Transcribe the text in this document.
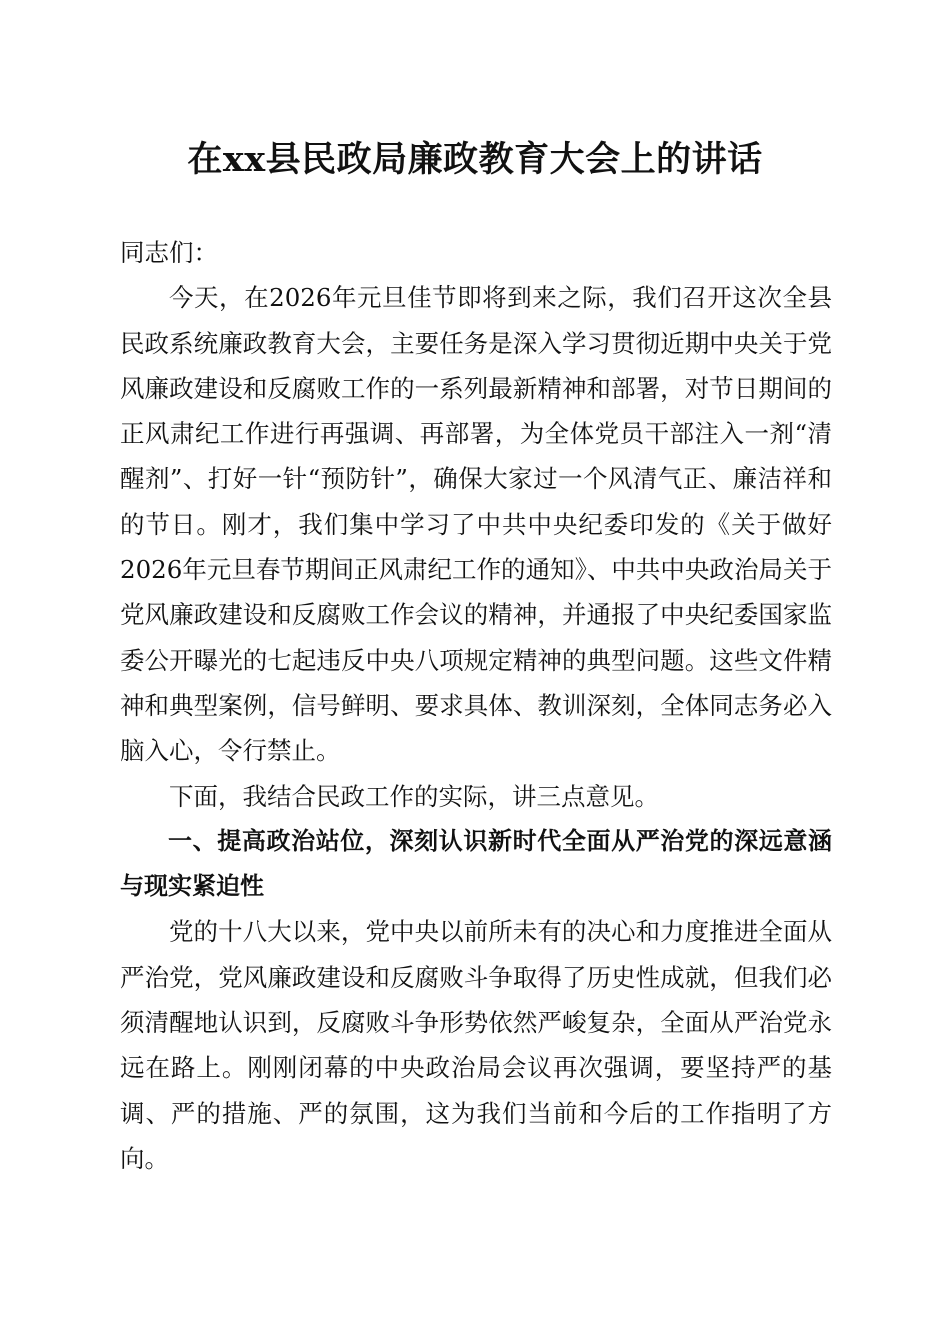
在xx县民政局廉政教育大会上的讲话

同志们：

今天，在2026年元旦佳节即将到来之际，我们召开这次全县民政系统廉政教育大会，主要任务是深入学习贯彻近期中央关于党风廉政建设和反腐败工作的一系列最新精神和部署，对节日期间的正风肃纪工作进行再强调、再部署，为全体党员干部注入一剂“清醒剂”、打好一针“预防针”，确保大家过一个风清气正、廉洁祥和的节日。刚才，我们集中学习了中共中央纪委印发的《关于做好2026年元旦春节期间正风肃纪工作的通知》、中共中央政治局关于党风廉政建设和反腐败工作会议的精神，并通报了中央纪委国家监委公开曝光的七起违反中央八项规定精神的典型问题。这些文件精神和典型案例，信号鲜明、要求具体、教训深刻，全体同志务必入脑入心，令行禁止。

下面，我结合民政工作的实际，讲三点意见。

一、提高政治站位，深刻认识新时代全面从严治党的深远意涵与现实紧迫性

党的十八大以来，党中央以前所未有的决心和力度推进全面从严治党，党风廉政建设和反腐败斗争取得了历史性成就，但我们必须清醒地认识到，反腐败斗争形势依然严峻复杂，全面从严治党永远在路上。刚刚闭幕的中央政治局会议再次强调，要坚持严的基调、严的措施、严的氛围，这为我们当前和今后的工作指明了方向。
